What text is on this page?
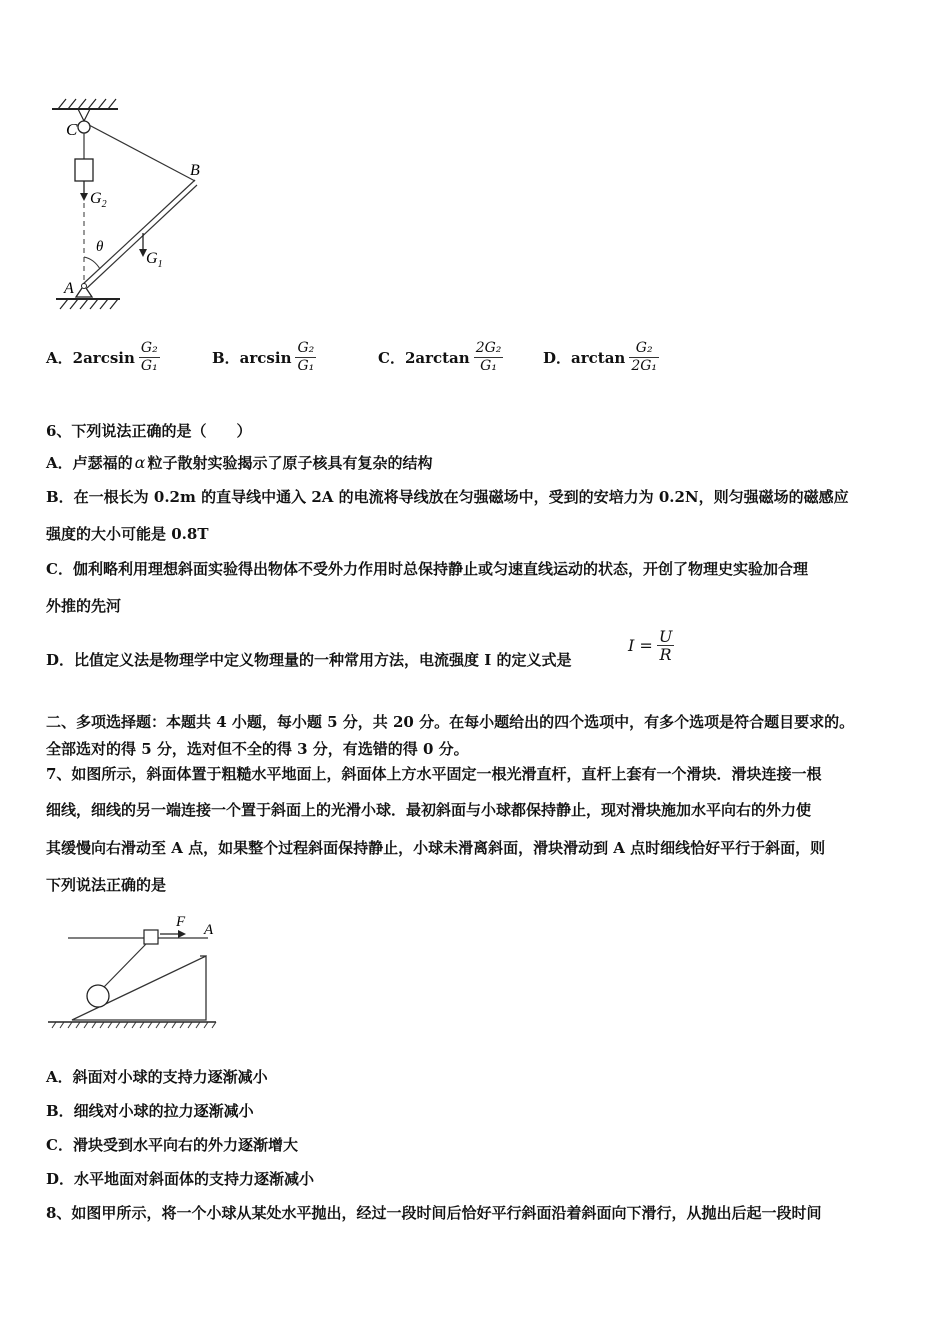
C
B
A
$G_2$
$G_1$
θ
A．$2\arcsin \frac{\text{G₂}}{\text{G₁}}$	B．$\arcsin \frac{\text{G₂}}{\text{G₁}}$	C．$2\arctan \frac{\text{2G₂}}{\text{G₁}}$	D．$\arctan \frac{\text{G₂}}{\text{2G₁}}$
6、下列说法正确的是（　　）
A．卢瑟福的 α 粒子散射实验揭示了原子核具有复杂的结构
B．在一根长为 0.2m 的直导线中通入 2A 的电流将导线放在匀强磁场中，受到的安培力为 0.2N，则匀强磁场的磁感应
强度的大小可能是 0.8T
C．伽利略利用理想斜面实验得出物体不受外力作用时总保持静止或匀速直线运动的状态，开创了物理史实验加合理
外推的先河
D．比值定义法是物理学中定义物理量的一种常用方法，电流强度 I 的定义式是
$I = \frac{U}{R}$
二、多项选择题：本题共 4 小题，每小题 5 分，共 20 分。在每小题给出的四个选项中，有多个选项是符合题目要求的。
全部选对的得 5 分，选对但不全的得 3 分，有选错的得 0 分。
7、如图所示，斜面体置于粗糙水平地面上，斜面体上方水平固定一根光滑直杆，直杆上套有一个滑块．滑块连接一根
细线，细线的另一端连接一个置于斜面上的光滑小球．最初斜面与小球都保持静止，现对滑块施加水平向右的外力使
其缓慢向右滑动至 A 点，如果整个过程斜面保持静止，小球未滑离斜面，滑块滑动到 A 点时细线恰好平行于斜面，则
下列说法正确的是
F A
A．斜面对小球的支持力逐渐减小
B．细线对小球的拉力逐渐减小
C．滑块受到水平向右的外力逐渐增大
D．水平地面对斜面体的支持力逐渐减小
8、如图甲所示，将一个小球从某处水平抛出，经过一段时间后恰好平行斜面沿着斜面向下滑行，从抛出后起一段时间
